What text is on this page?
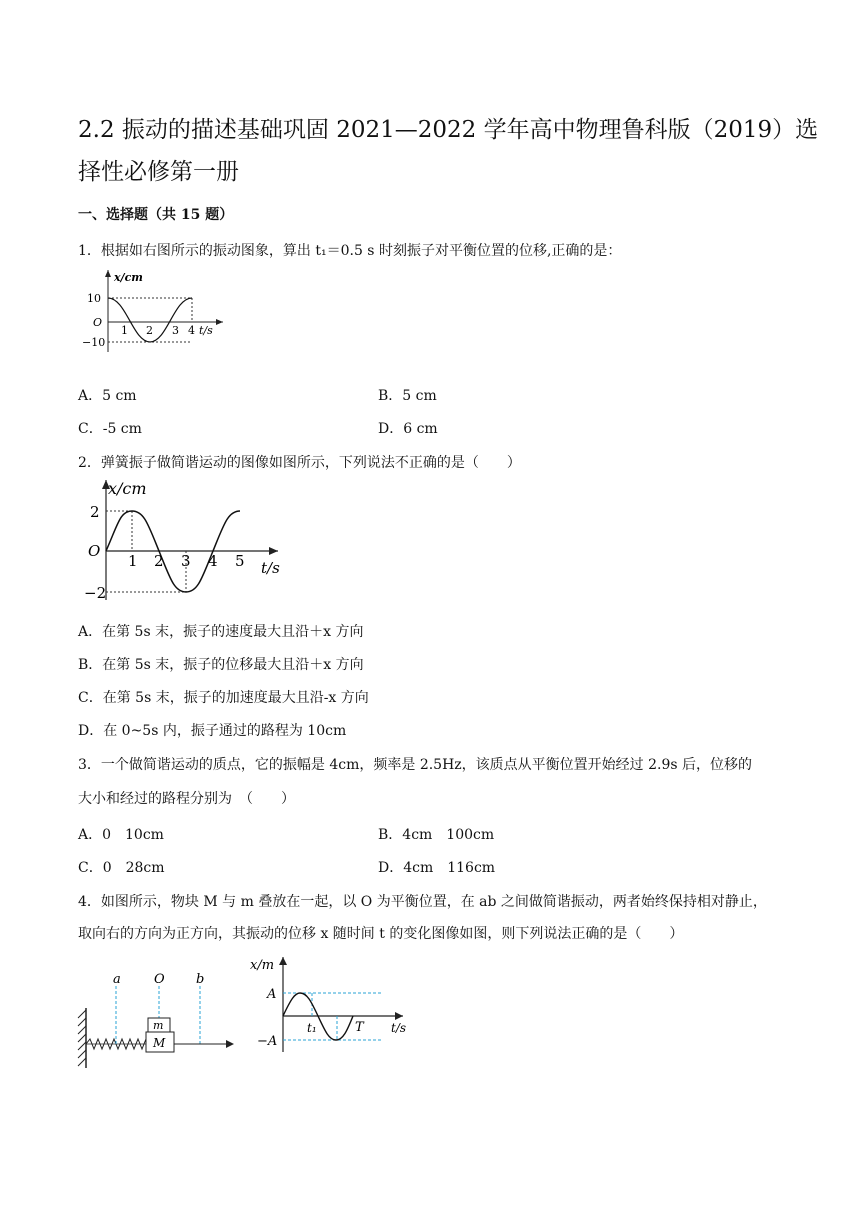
2.2 振动的描述基础巩固 2021—2022 学年高中物理鲁科版（2019）选
择性必修第一册
一、选择题（共 15 题）
1．根据如右图所示的振动图象，算出 t₁＝0.5 s 时刻振子对平衡位置的位移,正确的是：
x/cm
10
O
−10
1 2 3 4 t/s
A．5 cm	B．5 cm
C．-5 cm	D．6 cm
2．弹簧振子做简谐运动的图像如图所示，下列说法不正确的是（　　）
x/cm
2
O
−2
1 2 3 4 5 t/s
A．在第 5s 末，振子的速度最大且沿＋x 方向
B．在第 5s 末，振子的位移最大且沿＋x 方向
C．在第 5s 末，振子的加速度最大且沿-x 方向
D．在 0~5s 内，振子通过的路程为 10cm
3．一个做简谐运动的质点，它的振幅是 4cm，频率是 2.5Hz，该质点从平衡位置开始经过 2.9s 后，位移的
大小和经过的路程分别为　（　　）
A．0　10cm	B．4cm　100cm
C．0　28cm	D．4cm　116cm
4．如图所示，物块 M 与 m 叠放在一起，以 O 为平衡位置，在 ab 之间做简谐振动，两者始终保持相对静止，
取向右的方向为正方向，其振动的位移 x 随时间 t 的变化图像如图，则下列说法正确的是（　　）
a	O b
m
M
x/m
A
−A
t₁	T t/s
